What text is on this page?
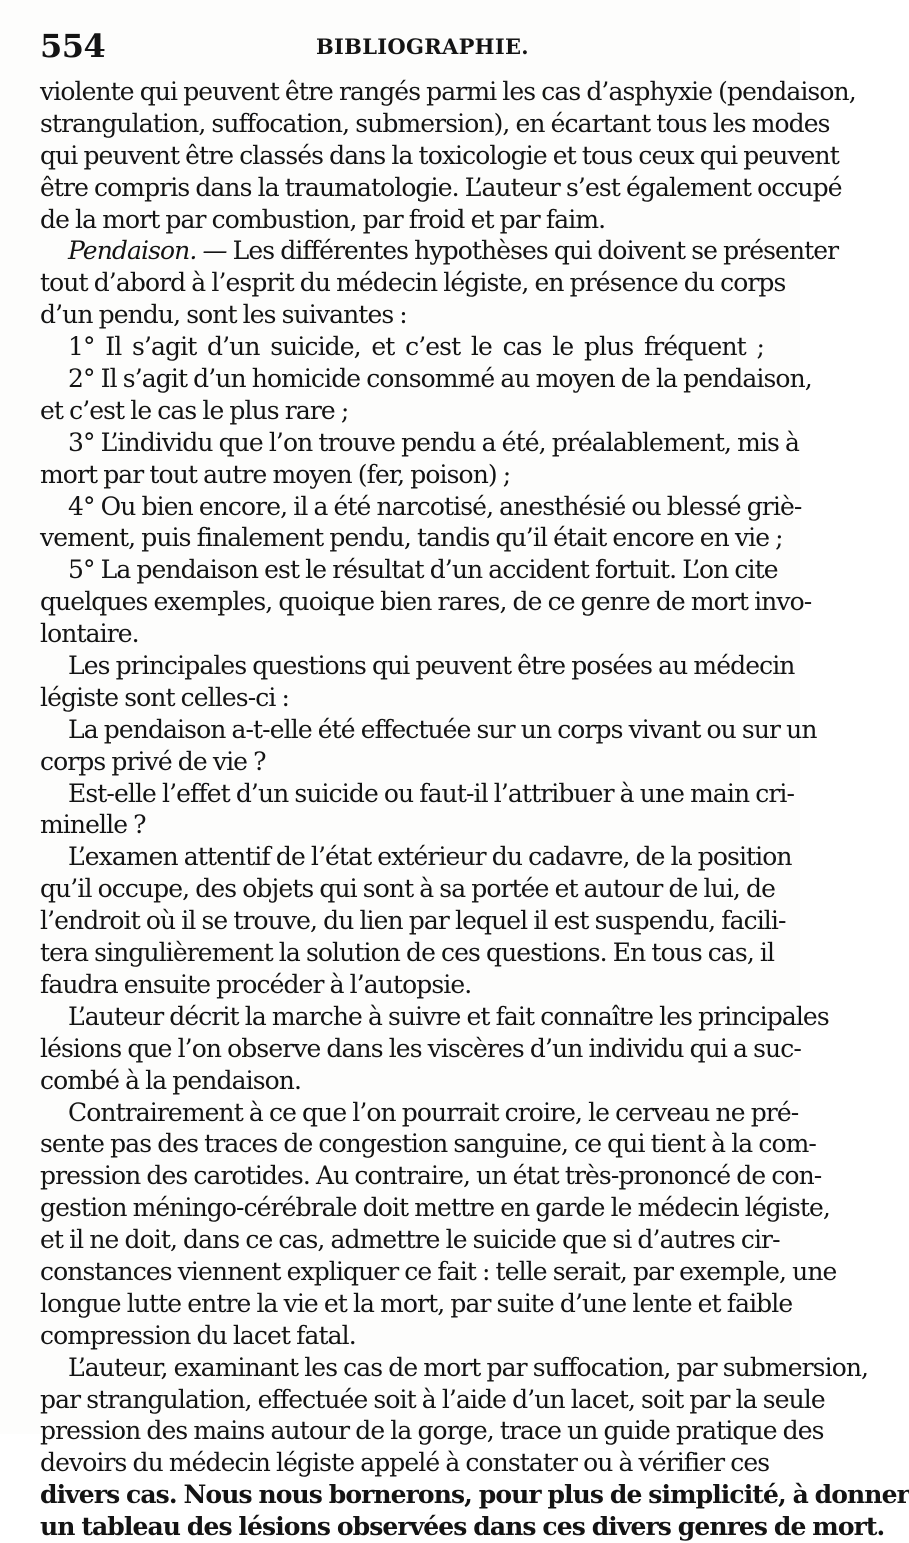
554	BIBLIOGRAPHIE.
violente qui peuvent être rangés parmi les cas d’asphyxie (pendaison,
strangulation, suffocation, submersion), en écartant tous les modes
qui peuvent être classés dans la toxicologie et tous ceux qui peuvent
être compris dans la traumatologie. L’auteur s’est également occupé
de la mort par combustion, par froid et par faim.
Pendaison. — Les différentes hypothèses qui doivent se présenter
tout d’abord à l’esprit du médecin légiste, en présence du corps
d’un pendu, sont les suivantes :
1° Il s’agit d’un suicide, et c’est le cas le plus fréquent ;
2° Il s’agit d’un homicide consommé au moyen de la pendaison,
et c’est le cas le plus rare ;
3° L’individu que l’on trouve pendu a été, préalablement, mis à
mort par tout autre moyen (fer, poison) ;
4° Ou bien encore, il a été narcotisé, anesthésié ou blessé griè-
vement, puis finalement pendu, tandis qu’il était encore en vie ;
5° La pendaison est le résultat d’un accident fortuit. L’on cite
quelques exemples, quoique bien rares, de ce genre de mort invo-
lontaire.
Les principales questions qui peuvent être posées au médecin
légiste sont celles-ci :
La pendaison a-t-elle été effectuée sur un corps vivant ou sur un
corps privé de vie ?
Est-elle l’effet d’un suicide ou faut-il l’attribuer à une main cri-
minelle ?
L’examen attentif de l’état extérieur du cadavre, de la position
qu’il occupe, des objets qui sont à sa portée et autour de lui, de
l’endroit où il se trouve, du lien par lequel il est suspendu, facili-
tera singulièrement la solution de ces questions. En tous cas, il
faudra ensuite procéder à l’autopsie.
L’auteur décrit la marche à suivre et fait connaître les principales
lésions que l’on observe dans les viscères d’un individu qui a suc-
combé à la pendaison.
Contrairement à ce que l’on pourrait croire, le cerveau ne pré-
sente pas des traces de congestion sanguine, ce qui tient à la com-
pression des carotides. Au contraire, un état très-prononcé de con-
gestion méningo-cérébrale doit mettre en garde le médecin légiste,
et il ne doit, dans ce cas, admettre le suicide que si d’autres cir-
constances viennent expliquer ce fait : telle serait, par exemple, une
longue lutte entre la vie et la mort, par suite d’une lente et faible
compression du lacet fatal.
L’auteur, examinant les cas de mort par suffocation, par submersion,
par strangulation, effectuée soit à l’aide d’un lacet, soit par la seule
pression des mains autour de la gorge, trace un guide pratique des
devoirs du médecin légiste appelé à constater ou à vérifier ces
divers cas. Nous nous bornerons, pour plus de simplicité, à donner
un tableau des lésions observées dans ces divers genres de mort.
